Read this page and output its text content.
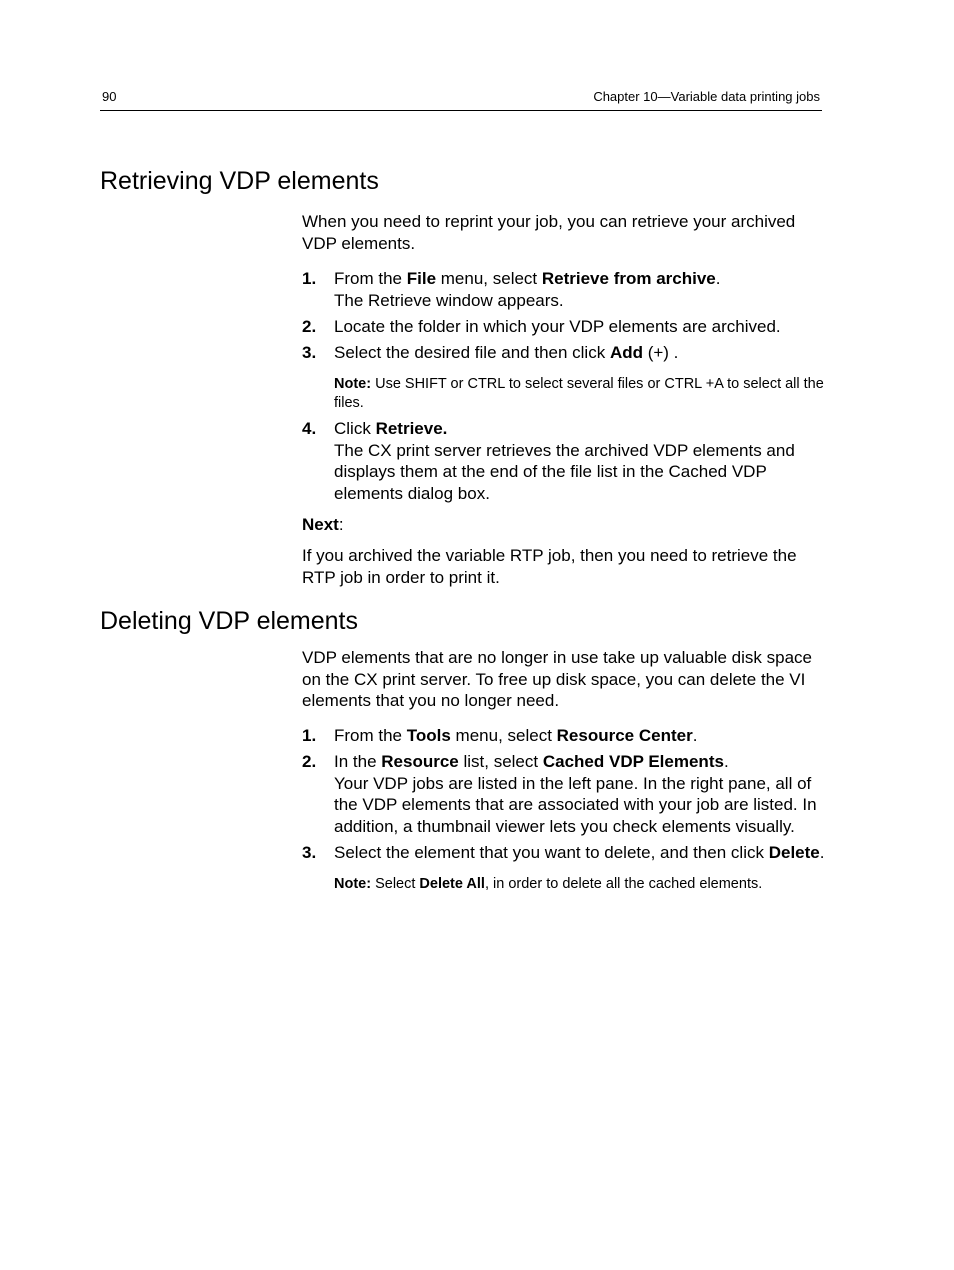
90	Chapter 10—Variable data printing jobs
Retrieving VDP elements

When you need to reprint your job, you can retrieve your archived VDP elements.

1. From the File menu, select Retrieve from archive.
The Retrieve window appears.
2. Locate the folder in which your VDP elements are archived.
3. Select the desired file and then click Add (+) .
Note: Use SHIFT or CTRL to select several files or CTRL +A to select all the files.
4. Click Retrieve.
The CX print server retrieves the archived VDP elements and displays them at the end of the file list in the Cached VDP elements dialog box.

Next:

If you archived the variable RTP job, then you need to retrieve the RTP job in order to print it.

Deleting VDP elements

VDP elements that are no longer in use take up valuable disk space on the CX print server. To free up disk space, you can delete the VI elements that you no longer need.

1. From the Tools menu, select Resource Center.
2. In the Resource list, select Cached VDP Elements.
Your VDP jobs are listed in the left pane. In the right pane, all of the VDP elements that are associated with your job are listed. In addition, a thumbnail viewer lets you check elements visually.
3. Select the element that you want to delete, and then click Delete.
Note: Select Delete All, in order to delete all the cached elements.
